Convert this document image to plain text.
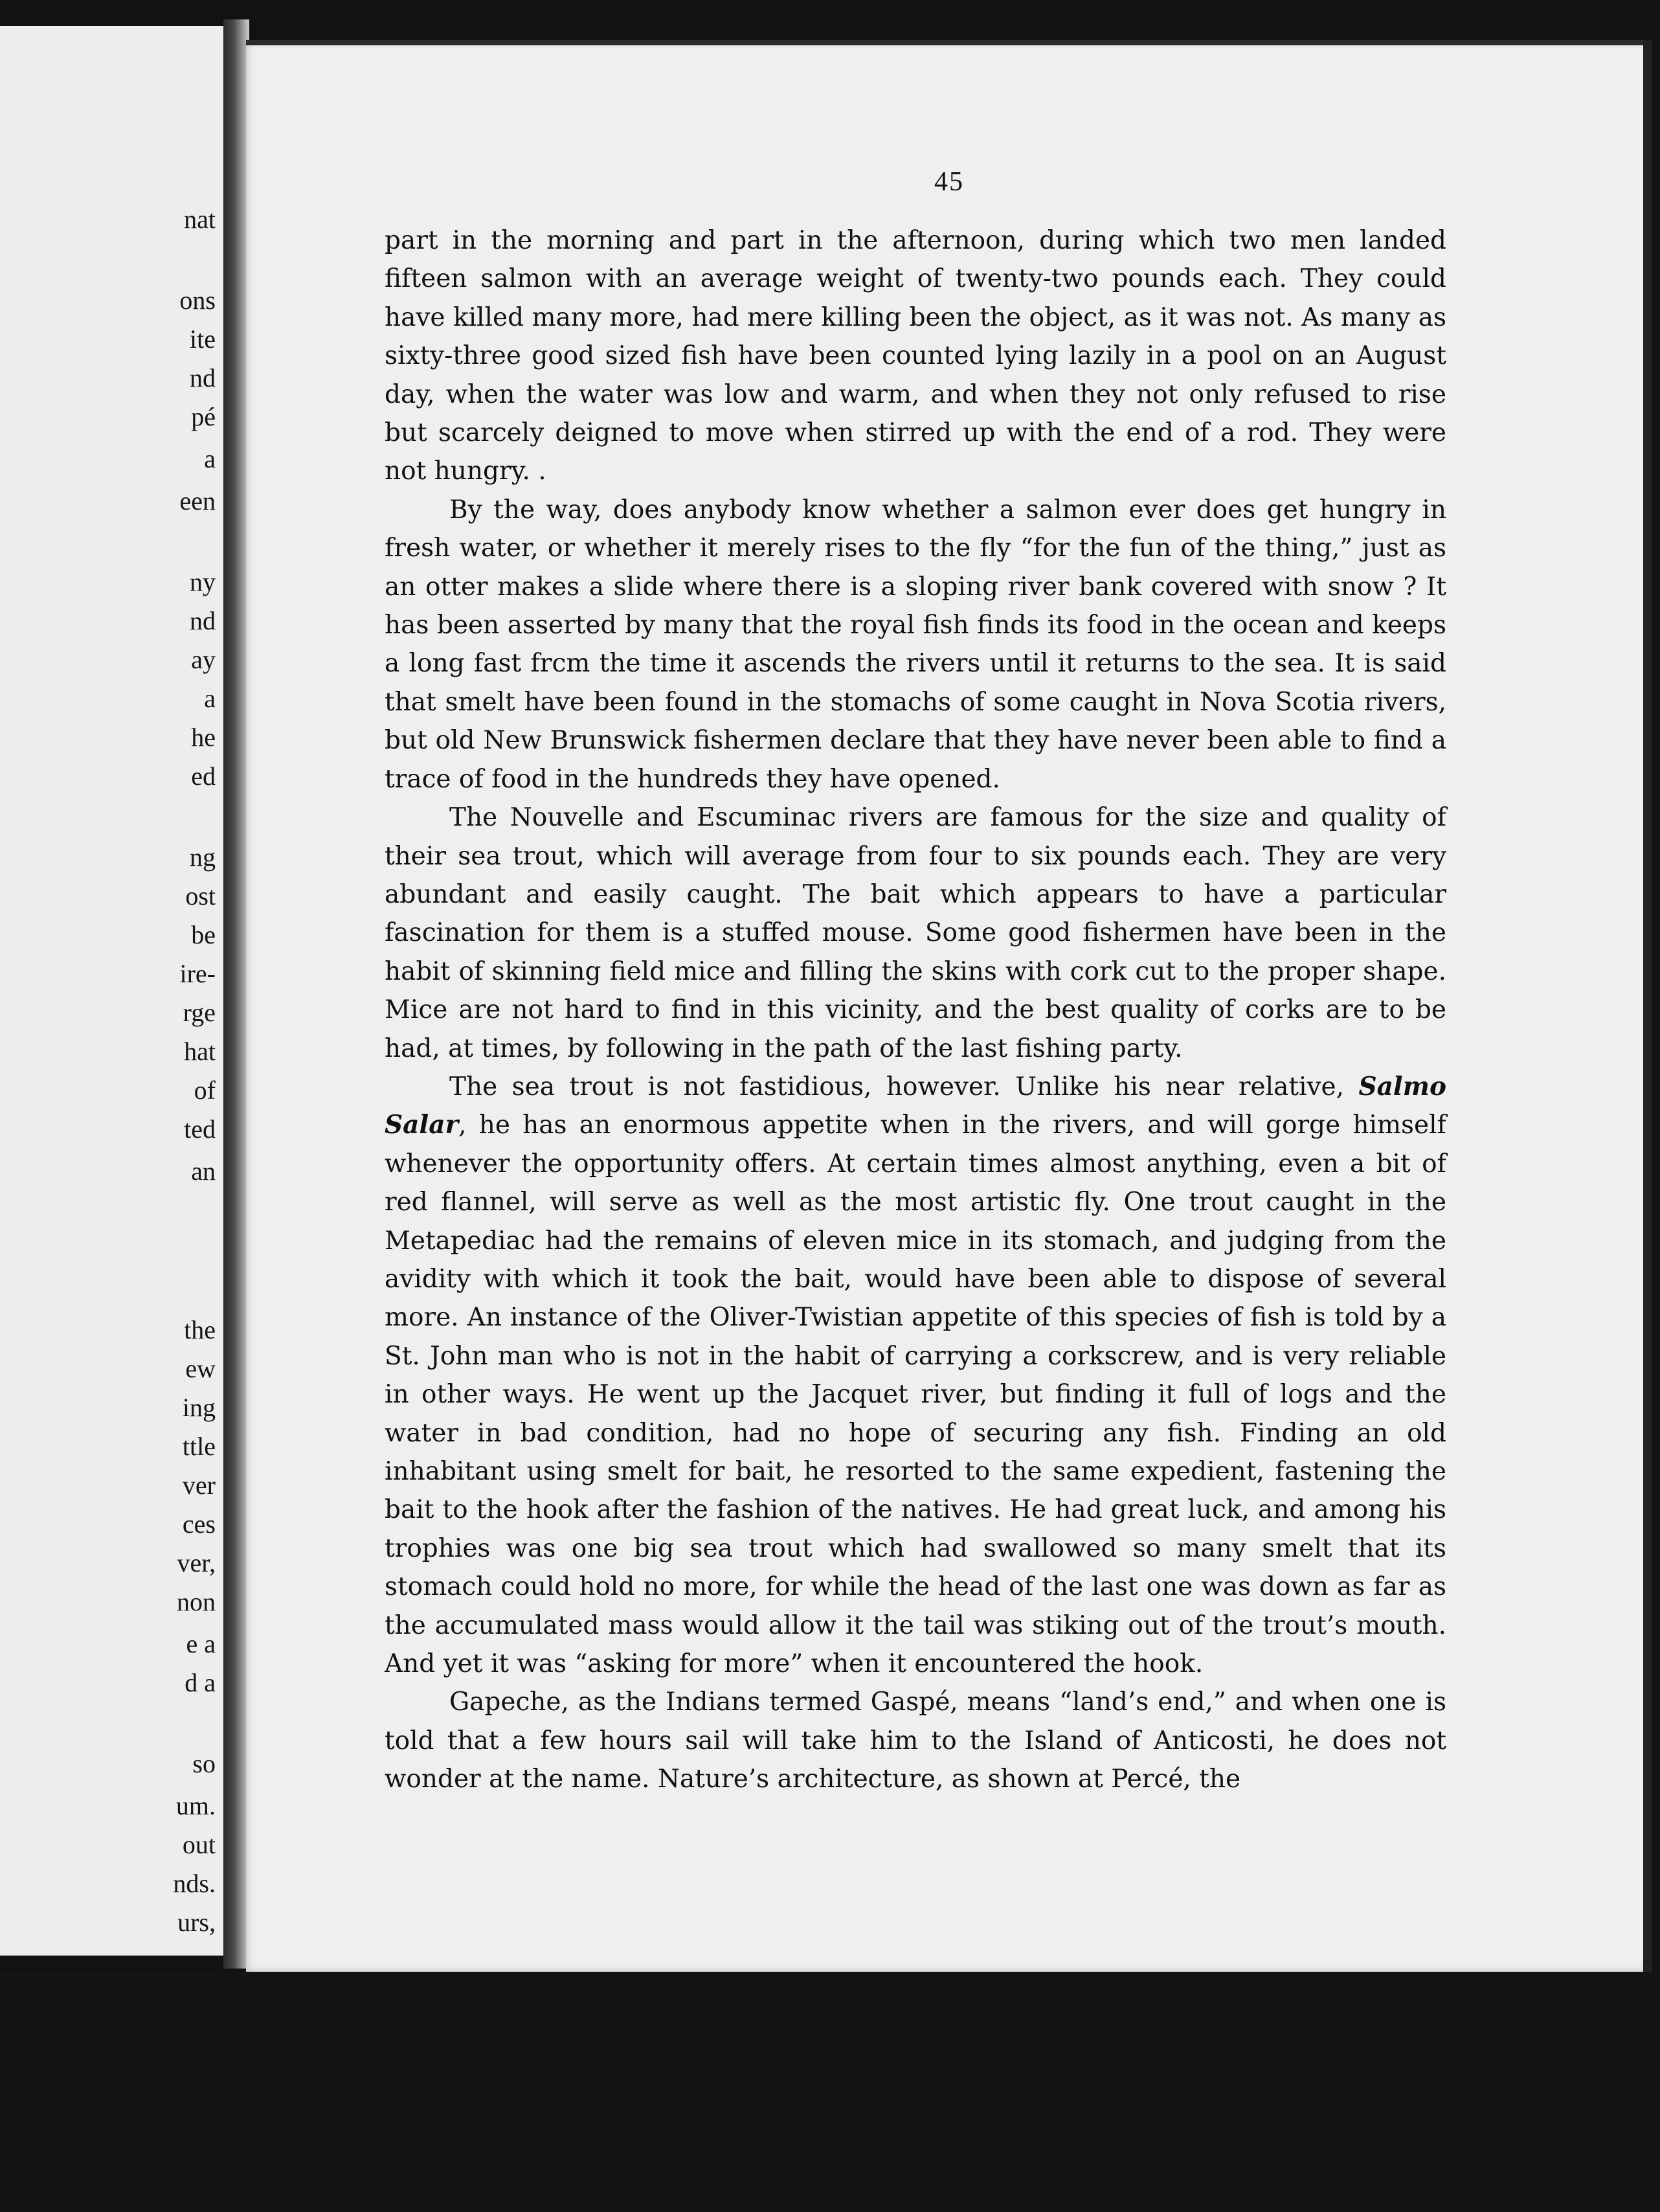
nat
ons
ite
nd
pé
a
een
ny
nd
ay
a
he
ed
ng
ost
be
ire-
rge
hat
of
ted
an
the
ew
ing
ttle
ver
ces
ver,
non
e a
d a
so
um.
out
nds.
urs,
45

part in the morning and part in the afternoon, during which two men landed fifteen salmon with an average weight of twenty-two pounds each. They could have killed many more, had mere killing been the object, as it was not. As many as sixty-three good sized fish have been counted lying lazily in a pool on an August day, when the water was low and warm, and when they not only refused to rise but scarcely deigned to move when stirred up with the end of a rod. They were not hungry. .

By the way, does anybody know whether a salmon ever does get hungry in fresh water, or whether it merely rises to the fly “for the fun of the thing,” just as an otter makes a slide where there is a sloping river bank covered with snow ? It has been asserted by many that the royal fish finds its food in the ocean and keeps a long fast frcm the time it ascends the rivers until it returns to the sea. It is said that smelt have been found in the stomachs of some caught in Nova Scotia rivers, but old New Brunswick fishermen declare that they have never been able to find a trace of food in the hundreds they have opened.

The Nouvelle and Escuminac rivers are famous for the size and quality of their sea trout, which will average from four to six pounds each. They are very abundant and easily caught. The bait which appears to have a particular fascination for them is a stuffed mouse. Some good fishermen have been in the habit of skinning field mice and filling the skins with cork cut to the proper shape. Mice are not hard to find in this vicinity, and the best quality of corks are to be had, at times, by following in the path of the last fishing party.

The sea trout is not fastidious, however. Unlike his near relative, Salmo Salar, he has an enormous appetite when in the rivers, and will gorge himself whenever the opportunity offers. At certain times almost anything, even a bit of red flannel, will serve as well as the most artistic fly. One trout caught in the Metapediac had the remains of eleven mice in its stomach, and judging from the avidity with which it took the bait, would have been able to dispose of several more. An instance of the Oliver-Twistian appetite of this species of fish is told by a St. John man who is not in the habit of carrying a corkscrew, and is very reliable in other ways. He went up the Jacquet river, but finding it full of logs and the water in bad condition, had no hope of securing any fish. Finding an old inhabitant using smelt for bait, he resorted to the same expedient, fastening the bait to the hook after the fashion of the natives. He had great luck, and among his trophies was one big sea trout which had swallowed so many smelt that its stomach could hold no more, for while the head of the last one was down as far as the accumulated mass would allow it the tail was stiking out of the trout’s mouth. And yet it was “asking for more” when it encountered the hook.

Gapeche, as the Indians termed Gaspé, means “land’s end,” and when one is told that a few hours sail will take him to the Island of Anticosti, he does not wonder at the name. Nature’s architecture, as shown at Percé, the
